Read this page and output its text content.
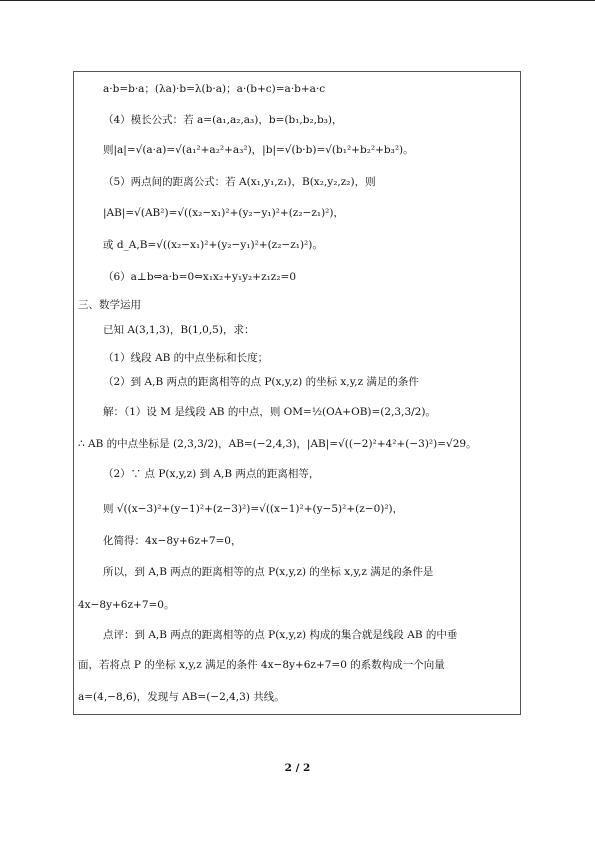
a·b=b·a；(λa)·b=λ(b·a)；a·(b+c)=a·b+a·c
（4）模长公式：若 a=(a₁,a₂,a₃)，b=(b₁,b₂,b₃)，
则|a|=√(a·a)=√(a₁²+a₂²+a₃²)，|b|=√(b·b)=√(b₁²+b₂²+b₃²)。
（5）两点间的距离公式：若 A(x₁,y₁,z₁)，B(x₂,y₂,z₂)，则
|AB|=√(AB²)=√((x₂−x₁)²+(y₂−y₁)²+(z₂−z₁)²)，
或 d_A,B=√((x₂−x₁)²+(y₂−y₁)²+(z₂−z₁)²)。
（6）a⊥b⇔a·b=0⇔x₁x₂+y₁y₂+z₁z₂=0
三、数学运用
已知 A(3,1,3)，B(1,0,5)，求：
（1）线段 AB 的中点坐标和长度；
（2）到 A,B 两点的距离相等的点 P(x,y,z) 的坐标 x,y,z 满足的条件
解：（1）设 M 是线段 AB 的中点，则 OM=½(OA+OB)=(2,3,3/2)。
∴ AB 的中点坐标是 (2,3,3/2)，AB=(−2,4,3)，|AB|=√((−2)²+4²+(−3)²)=√29。
（2）∵ 点 P(x,y,z) 到 A,B 两点的距离相等，
则 √((x−3)²+(y−1)²+(z−3)²)=√((x−1)²+(y−5)²+(z−0)²)，
化简得：4x−8y+6z+7=0，
所以，到 A,B 两点的距离相等的点 P(x,y,z) 的坐标 x,y,z 满足的条件是
4x−8y+6z+7=0。
点评：到 A,B 两点的距离相等的点 P(x,y,z) 构成的集合就是线段 AB 的中垂
面，若将点 P 的坐标 x,y,z 满足的条件 4x−8y+6z+7=0 的系数构成一个向量
a=(4,−8,6)，发现与 AB=(−2,4,3) 共线。
2 / 2
